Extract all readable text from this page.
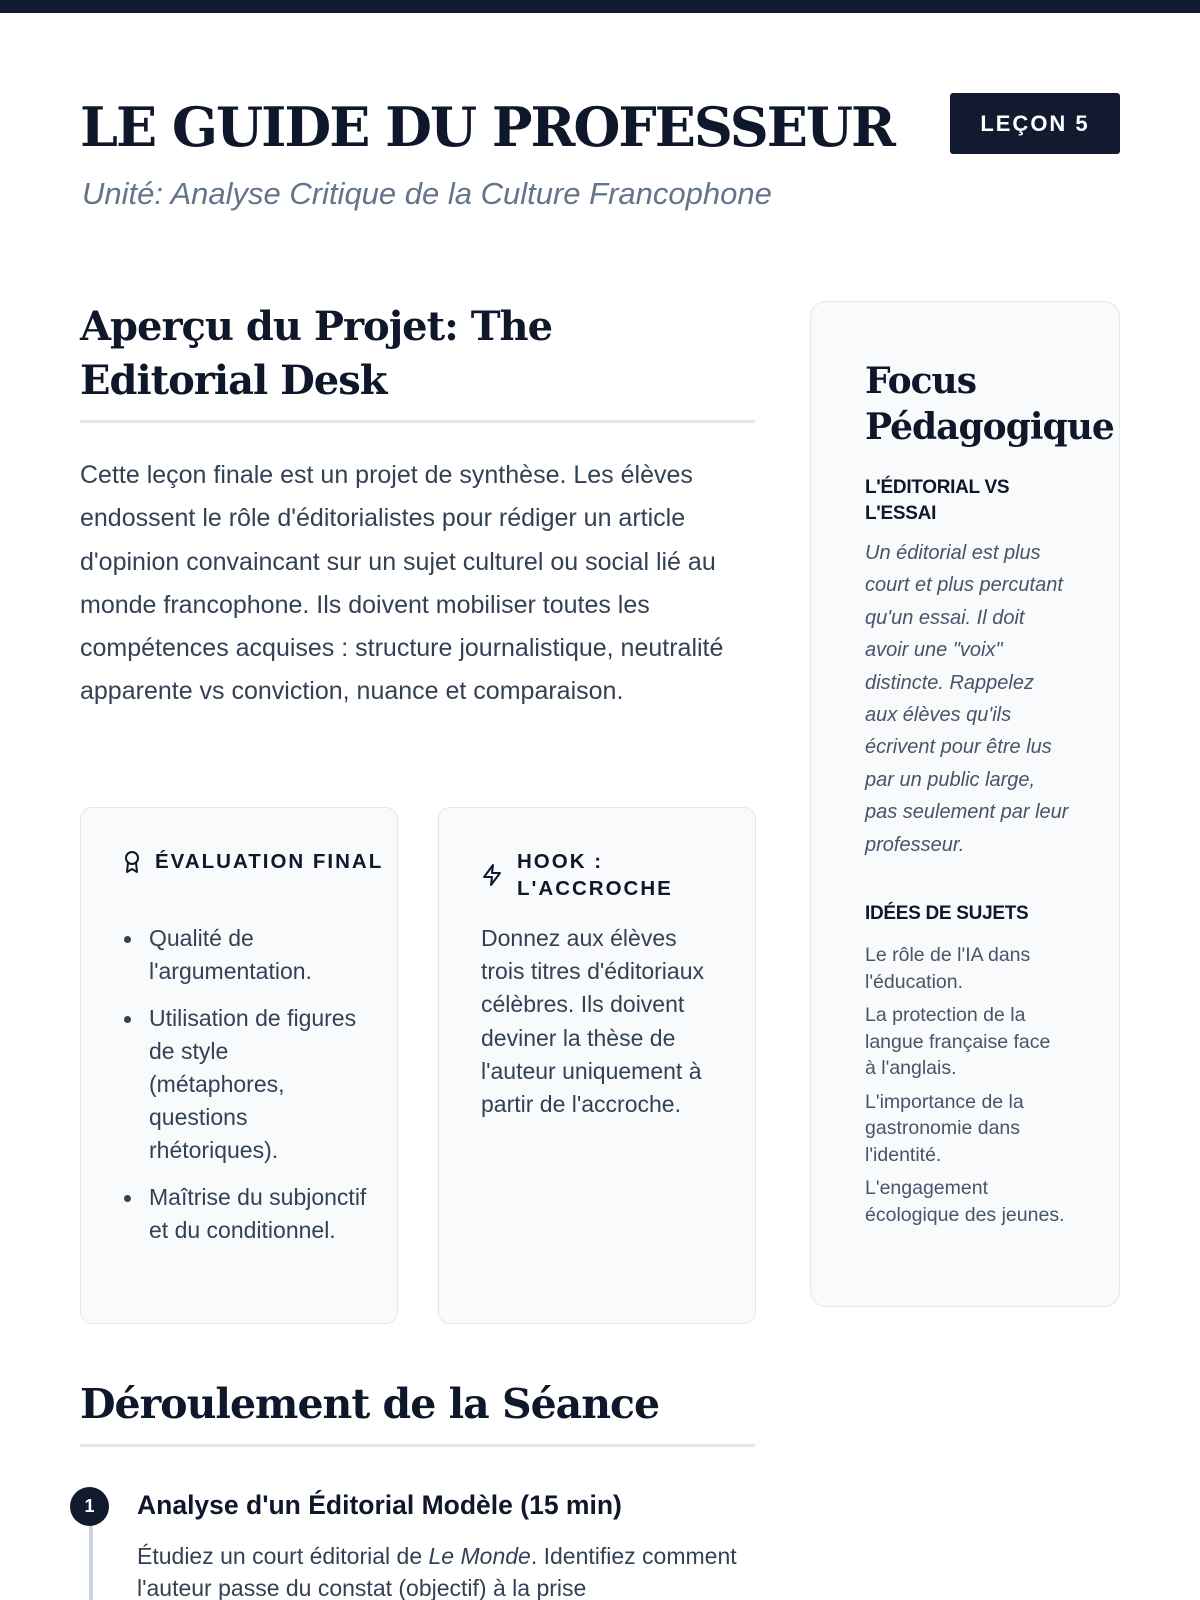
LE GUIDE DU PROFESSEUR	LEÇON 5
Unité: Analyse Critique de la Culture Francophone
Aperçu du Projet: The Editorial Desk

Cette leçon finale est un projet de synthèse. Les élèves endossent le rôle d'éditorialistes pour rédiger un article d'opinion convaincant sur un sujet culturel ou social lié au monde francophone. Ils doivent mobiliser toutes les compétences acquises : structure journalistique, neutralité apparente vs conviction, nuance et comparaison.

ÉVALUATION FINAL
Qualité de l'argumentation.
Utilisation de figures de style (métaphores, questions rhétoriques).
Maîtrise du subjonctif et du conditionnel.
HOOK : L'ACCROCHE

Donnez aux élèves trois titres d'éditoriaux célèbres. Ils doivent deviner la thèse de l'auteur uniquement à partir de l'accroche.

Focus Pédagogique
L'ÉDITORIAL VS L'ESSAI

Un éditorial est plus court et plus percutant qu'un essai. Il doit avoir une "voix" distincte. Rappelez aux élèves qu'ils écrivent pour être lus par un public large, pas seulement par leur professeur.

IDÉES DE SUJETS
Le rôle de l'IA dans l'éducation.
La protection de la langue française face à l'anglais.
L'importance de la gastronomie dans l'identité.
L'engagement écologique des jeunes.
Déroulement de la Séance
1	Analyse d'un Éditorial Modèle (15 min)

Étudiez un court éditorial de Le Monde. Identifiez comment l'auteur passe du constat (objectif) à la prise
